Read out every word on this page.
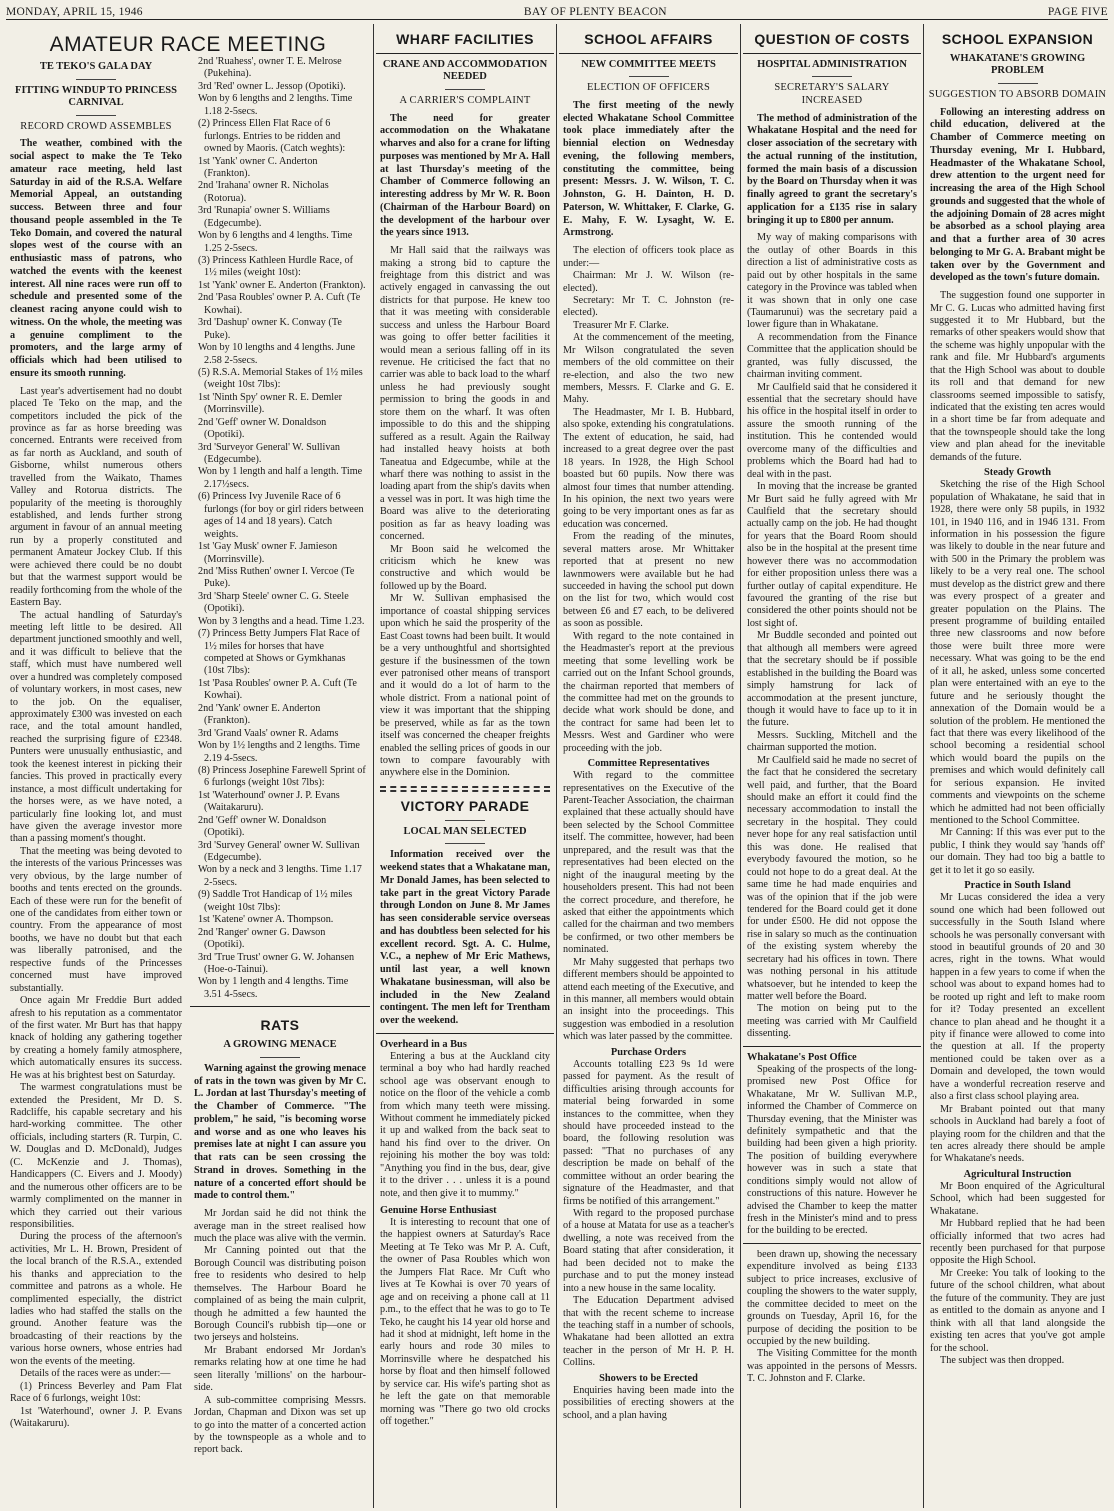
MONDAY, APRIL 15, 1946	BAY OF PLENTY BEACON	PAGE FIVE
AMATEUR RACE MEETING
TE TEKO'S GALA DAY
FITTING WINDUP TO PRINCESS CARNIVAL
RECORD CROWD ASSEMBLES
The weather, combined with the social aspect to make the Te Teko amateur race meeting, held last Saturday in aid of the R.S.A. Welfare Memorial Appeal, an outstanding success. Between three and four thousand people assembled in the Te Teko Domain, and covered the natural slopes west of the course with an enthusiastic mass of patrons, who watched the events with the keenest interest. All nine races were run off to schedule and presented some of the cleanest racing anyone could wish to witness. On the whole, the meeting was a genuine compliment to the promoters, and the large army of officials which had been utilised to ensure its smooth running.

Last year's advertisement had no doubt placed Te Teko on the map, and the competitors included the pick of the province as far as horse breeding was concerned. Entrants were received from as far north as Auckland, and south of Gisborne, whilst numerous others travelled from the Waikato, Thames Valley and Rotorua districts. The popularity of the meeting is thoroughly established, and lends further strong argument in favour of an annual meeting run by a properly constituted and permanent Amateur Jockey Club. If this were achieved there could be no doubt but that the warmest support would be readily forthcoming from the whole of the Eastern Bay.

The actual handling of Saturday's meeting left little to be desired. All department junctioned smoothly and well, and it was difficult to believe that the staff, which must have numbered well over a hundred was completely composed of voluntary workers, in most cases, new to the job. On the equaliser, approximately £300 was invested on each race, and the total amount handled, reached the surprising figure of £2348. Punters were unusually enthusiastic, and took the keenest interest in picking their fancies. This proved in practically every instance, a most difficult undertaking for the horses were, as we have noted, a particularly fine looking lot, and must have given the average investor more than a passing moment's thought.

That the meeting was being devoted to the interests of the various Princesses was very obvious, by the large number of booths and tents erected on the grounds. Each of these were run for the benefit of one of the candidates from either town or country. From the appearance of most booths, we have no doubt but that each was liberally patronised, and the respective funds of the Princesses concerned must have improved substantially.

Once again Mr Freddie Burt added afresh to his reputation as a commentator of the first water. Mr Burt has that happy knack of holding any gathering together by creating a homely family atmosphere, which automatically ensures its success. He was at his brightest best on Saturday.

The warmest congratulations must be extended the President, Mr D. S. Radcliffe, his capable secretary and his hard-working committee. The other officials, including starters (R. Turpin, C. W. Douglas and D. McDonald), Judges (C. McKenzie and J. Thomas), Handicappers (C. Eivers and J. Moody) and the numerous other officers are to be warmly complimented on the manner in which they carried out their various responsibilities.

During the process of the afternoon's activities, Mr L. H. Brown, President of the local branch of the R.S.A., extended his thanks and appreciation to the committee and patrons as a whole. He complimented especially, the district ladies who had staffed the stalls on the ground. Another feature was the broadcasting of their reactions by the various horse owners, whose entries had won the events of the meeting.

Details of the races were as under:—

(1) Princess Beverley and Pam Flat Race of 6 furlongs, weight 10st:

1st 'Waterhound', owner J. P. Evans (Waitakaruru).

2nd 'Ruahess', owner T. E. Melrose (Pukehina).

3rd 'Red' owner L. Jessop (Opotiki).

Won by 6 lengths and 2 lengths. Time 1.18 2-5secs.

(2) Princess Ellen Flat Race of 6 furlongs. Entries to be ridden and owned by Maoris. (Catch weghts):

1st 'Yank' owner C. Anderton (Frankton).

2nd 'Irahana' owner R. Nicholas (Rotorua).

3rd 'Runapia' owner S. Williams (Edgecumbe).

Won by 6 lengths and 4 lengths. Time 1.25 2-5secs.

(3) Princess Kathleen Hurdle Race, of 1½ miles (weight 10st):

1st 'Yank' owner E. Anderton (Frankton).

2nd 'Pasa Roubles' owner P. A. Cuft (Te Kowhai).

3rd 'Dashup' owner K. Conway (Te Puke).

Won by 10 lengths and 4 lengths. June 2.58 2-5secs.

(5) R.S.A. Memorial Stakes of 1½ miles (weight 10st 7lbs):

1st 'Ninth Spy' owner R. E. Demler (Morrinsville).

2nd 'Geff' owner W. Donaldson (Opotiki).

3rd 'Surveyor General' W. Sullivan (Edgecumbe).

Won by 1 length and half a length. Time 2.17½secs.

(6) Princess Ivy Juvenile Race of 6 furlongs (for boy or girl riders between ages of 14 and 18 years). Catch weights.

1st 'Gay Musk' owner F. Jamieson (Morrinsville).

2nd 'Miss Ruthen' owner I. Vercoe (Te Puke).

3rd 'Sharp Steele' owner C. G. Steele (Opotiki).

Won by 3 lengths and a head. Time 1.23.

(7) Princess Betty Jumpers Flat Race of 1½ miles for horses that have competed at Shows or Gymkhanas (10st 7lbs):

1st 'Pasa Roubles' owner P. A. Cuft (Te Kowhai).

2nd 'Yank' owner E. Anderton (Frankton).

3rd 'Grand Vaals' owner R. Adams

Won by 1½ lengths and 2 lengths. Time 2.19 4-5secs.

(8) Princess Josephine Farewell Sprint of 6 furlongs (weight 10st 7lbs):

1st 'Waterhound' owner J. P. Evans (Waitakaruru).

2nd 'Geff' owner W. Donaldson (Opotiki).

3rd 'Survey General' owner W. Sullivan (Edgecumbe).

Won by a neck and 3 lengths. Time 1.17 2-5secs.

(9) Saddle Trot Handicap of 1½ miles (weight 10st 7lbs):

1st 'Katene' owner A. Thompson.

2nd 'Ranger' owner G. Dawson (Opotiki).

3rd 'True Trust' owner G. W. Johansen (Hoe-o-Tainui).

Won by 1 length and 4 lengths. Time 3.51 4-5secs.

RATS
A GROWING MENACE
Warning against the growing menace of rats in the town was given by Mr C. L. Jordan at last Thursday's meeting of the Chamber of Commerce. "The problem," he said, "is becoming worse and worse and as one who leaves his premises late at night I can assure you that rats can be seen crossing the Strand in droves. Something in the nature of a concerted effort should be made to control them."

Mr Jordan said he did not think the average man in the street realised how much the place was alive with the vermin.

Mr Canning pointed out that the Borough Council was distributing poison free to residents who desired to help themselves. The Harbour Board he complained of as being the main culprit, though he admitted a few haunted the Borough Council's rubbish tip—one or two jerseys and holsteins.

Mr Brabant endorsed Mr Jordan's remarks relating how at one time he had seen literally 'millions' on the harbour-side.

A sub-committee comprising Messrs. Jordan, Chapman and Dixon was set up to go into the matter of a concerted action by the townspeople as a whole and to report back.

WHARF FACILITIES
CRANE AND ACCOMMODATION NEEDED
A CARRIER'S COMPLAINT
The need for greater accommodation on the Whakatane wharves and also for a crane for lifting purposes was mentioned by Mr A. Hall at last Thursday's meeting of the Chamber of Commerce following an interesting address by Mr W. R. Boon (Chairman of the Harbour Board) on the development of the harbour over the years since 1913.

Mr Hall said that the railways was making a strong bid to capture the freightage from this district and was actively engaged in canvassing the out districts for that purpose. He knew too that it was meeting with considerable success and unless the Harbour Board was going to offer better facilities it would mean a serious falling off in its revenue. He criticised the fact that no carrier was able to back load to the wharf unless he had previously sought permission to bring the goods in and store them on the wharf. It was often impossible to do this and the shipping suffered as a result. Again the Railway had installed heavy hoists at both Taneatua and Edgecumbe, while at the wharf there was nothing to assist in the loading apart from the ship's davits when a vessel was in port. It was high time the Board was alive to the deteriorating position as far as heavy loading was concerned.

Mr Boon said he welcomed the criticism which he knew was constructive and which would be followed up by the Board.

Mr W. Sullivan emphasised the importance of coastal shipping services upon which he said the prosperity of the East Coast towns had been built. It would be a very unthoughtful and shortsighted gesture if the businessmen of the town ever patronised other means of transport and it would do a lot of harm to the whole district. From a national point of view it was important that the shipping be preserved, while as far as the town itself was concerned the cheaper freights enabled the selling prices of goods in our town to compare favourably with anywhere else in the Dominion.

VICTORY PARADE
LOCAL MAN SELECTED
Information received over the weekend states that a Whakatane man, Mr Donald James, has been selected to take part in the great Victory Parade through London on June 8. Mr James has seen considerable service overseas and has doubtless been selected for his excellent record. Sgt. A. C. Hulme, V.C., a nephew of Mr Eric Mathews, until last year, a well known Whakatane businessman, will also be included in the New Zealand contingent. The men left for Trentham over the weekend.
Overheard in a Bus

Entering a bus at the Auckland city terminal a boy who had hardly reached school age was observant enough to notice on the floor of the vehicle a comb from which many teeth were missing. Without comment he immediately picked it up and walked from the back seat to hand his find over to the driver. On rejoining his mother the boy was told: "Anything you find in the bus, dear, give it to the driver . . . unless it is a pound note, and then give it to mummy."

Genuine Horse Enthusiast

It is interesting to recount that one of the happiest owners at Saturday's Race Meeting at Te Teko was Mr P. A. Cuft, the owner of Pasa Roubles which won the Jumpers Flat Race. Mr Cuft who lives at Te Kowhai is over 70 years of age and on receiving a phone call at 11 p.m., to the effect that he was to go to Te Teko, he caught his 14 year old horse and had it shod at midnight, left home in the early hours and rode 30 miles to Morrinsville where he despatched his horse by float and then himself followed by service car. His wife's parting shot as he left the gate on that memorable morning was "There go two old crocks off together."

SCHOOL AFFAIRS
NEW COMMITTEE MEETS
ELECTION OF OFFICERS
The first meeting of the newly elected Whakatane School Committee took place immediately after the biennial election on Wednesday evening, the following members, constituting the committee, being present: Messrs. J. W. Wilson, T. C. Johnston, G. H. Dainton, H. D. Paterson, W. Whittaker, F. Clarke, G. E. Mahy, F. W. Lysaght, W. E. Armstrong.

The election of officers took place as under:—

Chairman: Mr J. W. Wilson (re-elected).

Secretary: Mr T. C. Johnston (re-elected).

Treasurer Mr F. Clarke.

At the commencement of the meeting, Mr Wilson congratulated the seven members of the old committee on their re-election, and also the two new members, Messrs. F. Clarke and G. E. Mahy.

The Headmaster, Mr I. B. Hubbard, also spoke, extending his congratulations. The extent of education, he said, had increased to a great degree over the past 18 years. In 1928, the High School boasted but 60 pupils. Now there was almost four times that number attending. In his opinion, the next two years were going to be very important ones as far as education was concerned.

From the reading of the minutes, several matters arose. Mr Whittaker reported that at present no new lawnmowers were available but he had succeeded in having the school put down on the list for two, which would cost between £6 and £7 each, to be delivered as soon as possible.

With regard to the note contained in the Headmaster's report at the previous meeting that some levelling work be carried out on the Infant School grounds, the chairman reported that members of the committee had met on the grounds to decide what work should be done, and the contract for same had been let to Messrs. West and Gardiner who were proceeding with the job.

Committee Representatives

With regard to the committee representatives on the Executive of the Parent-Teacher Association, the chairman explained that these actually should have been selected by the School Committee itself. The committee, however, had been unprepared, and the result was that the representatives had been elected on the night of the inaugural meeting by the householders present. This had not been the correct procedure, and therefore, he asked that either the appointments which called for the chairman and two members be confirmed, or two other members be nominated.

Mr Mahy suggested that perhaps two different members should be appointed to attend each meeting of the Executive, and in this manner, all members would obtain an insight into the proceedings. This suggestion was embodied in a resolution which was later passed by the committee.

Purchase Orders

Accounts totalling £23 9s 1d were passed for payment. As the result of difficulties arising through accounts for material being forwarded in some instances to the committee, when they should have proceeded instead to the board, the following resolution was passed: "That no purchases of any description be made on behalf of the committee without an order bearing the signature of the Headmaster, and that firms be notified of this arrangement."

With regard to the proposed purchase of a house at Matata for use as a teacher's dwelling, a note was received from the Board stating that after consideration, it had been decided not to make the purchase and to put the money instead into a new house in the same locality.

The Education Department advised that with the recent scheme to increase the teaching staff in a number of schools, Whakatane had been allotted an extra teacher in the person of Mr H. P. H. Collins.

Showers to be Erected

Enquiries having been made into the possibilities of erecting showers at the school, and a plan having

QUESTION OF COSTS
HOSPITAL ADMINISTRATION
SECRETARY'S SALARY INCREASED
The method of administration of the Whakatane Hospital and the need for closer association of the secretary with the actual running of the institution, formed the main basis of a discussion by the Board on Thursday when it was finally agreed to grant the secretary's application for a £135 rise in salary bringing it up to £800 per annum.

My way of making comparisons with the outlay of other Boards in this direction a list of administrative costs as paid out by other hospitals in the same category in the Province was tabled when it was shown that in only one case (Taumarunui) was the secretary paid a lower figure than in Whakatane.

A recommendation from the Finance Committee that the application should be granted, was fully discussed, the chairman inviting comment.

Mr Caulfield said that he considered it essential that the secretary should have his office in the hospital itself in order to assure the smooth running of the institution. This he contended would overcome many of the difficulties and problems which the Board had had to deal with in the past.

In moving that the increase be granted Mr Burt said he fully agreed with Mr Caulfield that the secretary should actually camp on the job. He had thought for years that the Board Room should also be in the hospital at the present time however there was no accommodation for either proposition unless there was a further outlay of capital expenditure. He favoured the granting of the rise but considered the other points should not be lost sight of.

Mr Buddle seconded and pointed out that although all members were agreed that the secretary should be if possible established in the building the Board was simply hamstrung for lack of accommodation at the present juncture, though it would have to face up to it in the future.

Messrs. Suckling, Mitchell and the chairman supported the motion.

Mr Caulfield said he made no secret of the fact that he considered the secretary well paid, and further, that the Board should make an effort it could find the necessary accommodation to install the secretary in the hospital. They could never hope for any real satisfaction until this was done. He realised that everybody favoured the motion, so he could not hope to do a great deal. At the same time he had made enquiries and was of the opinion that if the job were tendered for the Board could get it done for under £500. He did not oppose the rise in salary so much as the continuation of the existing system whereby the secretary had his offices in town. There was nothing personal in his attitude whatsoever, but he intended to keep the matter well before the Board.

The motion on being put to the meeting was carried with Mr Caulfield dissenting.

Whakatane's Post Office

Speaking of the prospects of the long-promised new Post Office for Whakatane, Mr W. Sullivan M.P., informed the Chamber of Commerce on Thursday evening, that the Minister was definitely sympathetic and that the building had been given a high priority. The position of building everywhere however was in such a state that conditions simply would not allow of constructions of this nature. However he advised the Chamber to keep the matter fresh in the Minister's mind and to press for the building to be erected.

been drawn up, showing the necessary expenditure involved as being £133 subject to price increases, exclusive of coupling the showers to the water supply, the committee decided to meet on the grounds on Tuesday, April 16, for the purpose of deciding the position to be occupied by the new building.

The Visiting Committee for the month was appointed in the persons of Messrs. T. C. Johnston and F. Clarke.

SCHOOL EXPANSION
WHAKATANE'S GROWING PROBLEM
SUGGESTION TO ABSORB DOMAIN
Following an interesting address on child education, delivered at the Chamber of Commerce meeting on Thursday evening, Mr I. Hubbard, Headmaster of the Whakatane School, drew attention to the urgent need for increasing the area of the High School grounds and suggested that the whole of the adjoining Domain of 28 acres might be absorbed as a school playing area and that a further area of 30 acres belonging to Mr G. A. Brabant might be taken over by the Government and developed as the town's future domain.

The suggestion found one supporter in Mr C. G. Lucas who admitted having first suggested it to Mr Hubbard, but the remarks of other speakers would show that the scheme was highly unpopular with the rank and file. Mr Hubbard's arguments that the High School was about to double its roll and that demand for new classrooms seemed impossible to satisfy, indicated that the existing ten acres would in a short time be far from adequate and that the townspeople should take the long view and plan ahead for the inevitable demands of the future.

Steady Growth

Sketching the rise of the High School population of Whakatane, he said that in 1928, there were only 58 pupils, in 1932 101, in 1940 116, and in 1946 131. From information in his possession the figure was likely to double in the near future and with 500 in the Primary the problem was likely to be a very real one. The school must develop as the district grew and there was every prospect of a greater and greater population on the Plains. The present programme of building entailed three new classrooms and now before those were built three more were necessary. What was going to be the end of it all, he asked, unless some concerted plan were entertained with an eye to the future and he seriously thought the annexation of the Domain would be a solution of the problem. He mentioned the fact that there was every likelihood of the school becoming a residential school which would board the pupils on the premises and which would definitely call for serious expansion. He invited comments and viewpoints on the scheme which he admitted had not been officially mentioned to the School Committee.

Mr Canning: If this was ever put to the public, I think they would say 'hands off' our domain. They had too big a battle to get it to let it go so easily.

Practice in South Island

Mr Lucas considered the idea a very sound one which had been followed out successfully in the South Island where schools he was personally conversant with stood in beautiful grounds of 20 and 30 acres, right in the towns. What would happen in a few years to come if when the school was about to expand homes had to be rooted up right and left to make room for it? Today presented an excellent chance to plan ahead and he thought it a pity if finance were allowed to come into the question at all. If the property mentioned could be taken over as a Domain and developed, the town would have a wonderful recreation reserve and also a first class school playing area.

Mr Brabant pointed out that many schools in Auckland had barely a foot of playing room for the children and that the ten acres already there should be ample for Whakatane's needs.

Agricultural Instruction

Mr Boon enquired of the Agricultural School, which had been suggested for Whakatane.

Mr Hubbard replied that he had been officially informed that two acres had recently been purchased for that purpose opposite the High School.

Mr Creeke: You talk of looking to the future of the school children, what about the future of the community. They are just as entitled to the domain as anyone and I think with all that land alongside the existing ten acres that you've got ample for the school.

The subject was then dropped.
